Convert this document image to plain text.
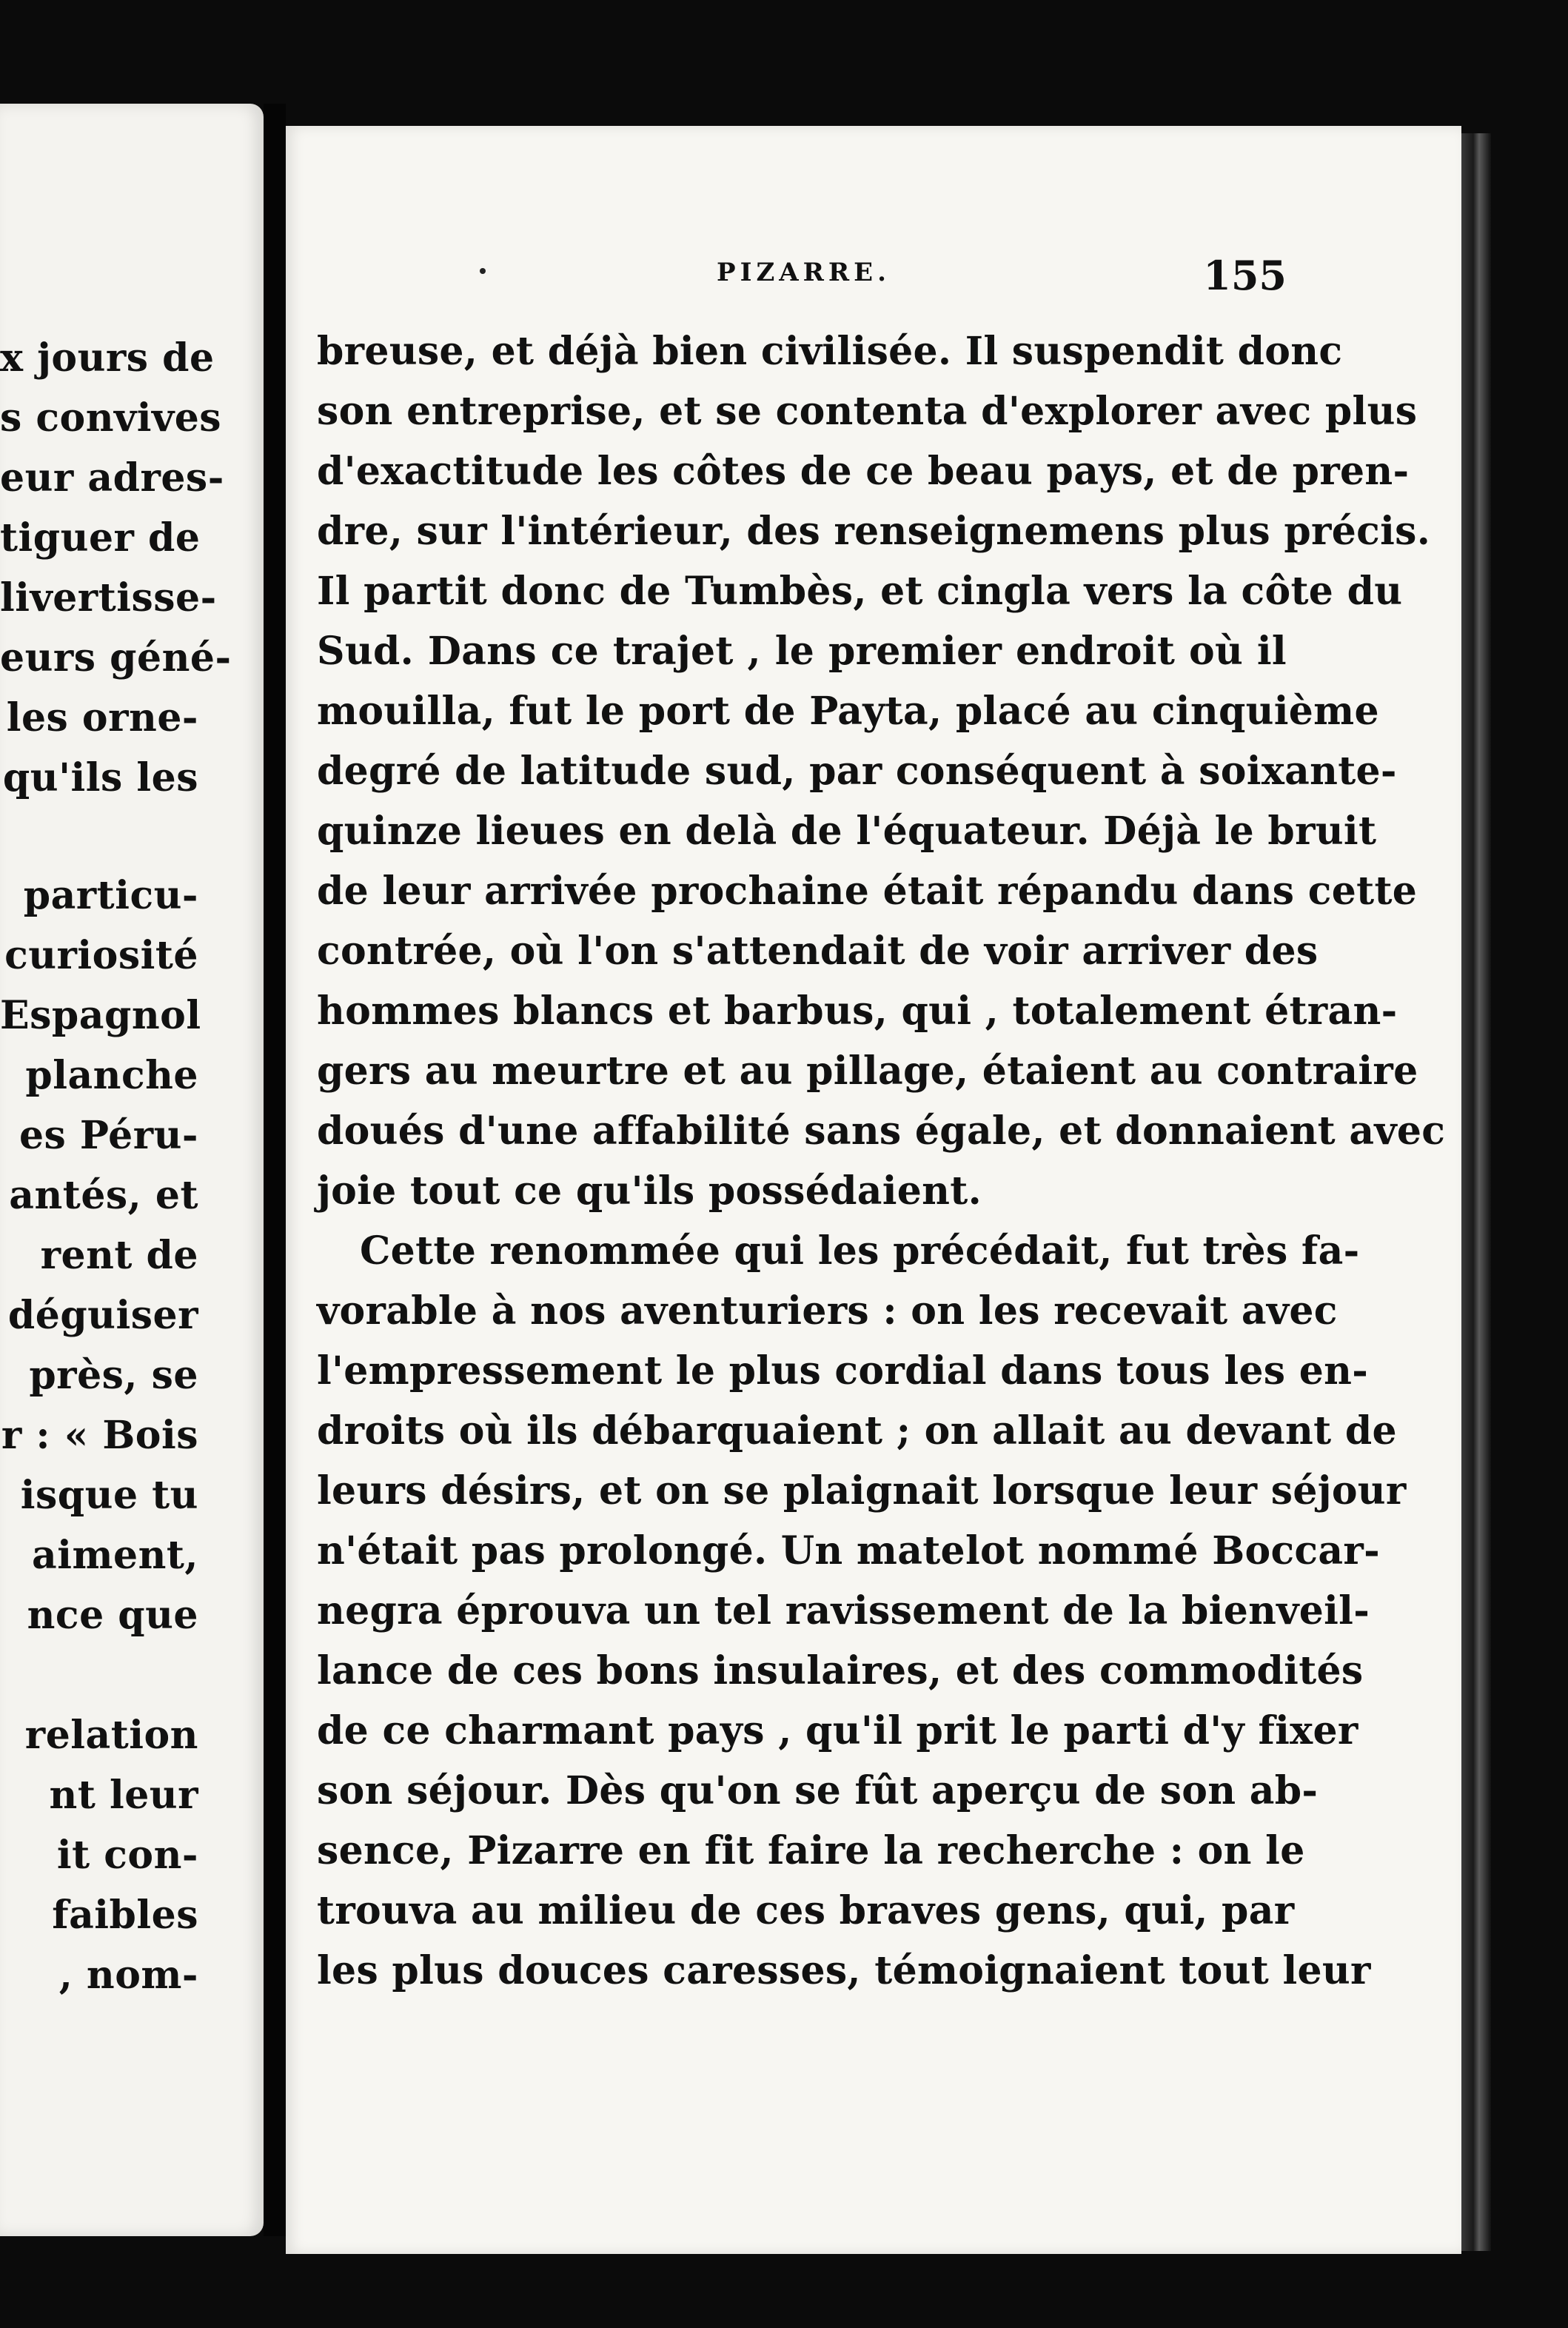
x jours de
s convives
eur adres-
tiguer de
livertisse-
eurs géné-
les orne-
qu'ils les
particu-
curiosité
Espagnol
planche
es Péru-
antés, et
rent de
déguiser
près, se
r : « Bois
isque tu
aiment,
nce que
relation
nt leur
it con-
faibles
, nom-
PIZARRE.	155
breuse, et déjà bien civilisée. Il suspendit donc
son entreprise, et se contenta d'explorer avec plus
d'exactitude les côtes de ce beau pays, et de pren-
dre, sur l'intérieur, des renseignemens plus précis.
Il partit donc de Tumbès, et cingla vers la côte du
Sud. Dans ce trajet , le premier endroit où il
mouilla, fut le port de Payta, placé au cinquième
degré de latitude sud, par conséquent à soixante-
quinze lieues en delà de l'équateur. Déjà le bruit
de leur arrivée prochaine était répandu dans cette
contrée, où l'on s'attendait de voir arriver des
hommes blancs et barbus, qui , totalement étran-
gers au meurtre et au pillage, étaient au contraire
doués d'une affabilité sans égale, et donnaient avec
joie tout ce qu'ils possédaient.
Cette renommée qui les précédait, fut très fa-
vorable à nos aventuriers : on les recevait avec
l'empressement le plus cordial dans tous les en-
droits où ils débarquaient ; on allait au devant de
leurs désirs, et on se plaignait lorsque leur séjour
n'était pas prolongé. Un matelot nommé Boccar-
negra éprouva un tel ravissement de la bienveil-
lance de ces bons insulaires, et des commodités
de ce charmant pays , qu'il prit le parti d'y fixer
son séjour. Dès qu'on se fût aperçu de son ab-
sence, Pizarre en fit faire la recherche : on le
trouva au milieu de ces braves gens, qui, par
les plus douces caresses, témoignaient tout leur
